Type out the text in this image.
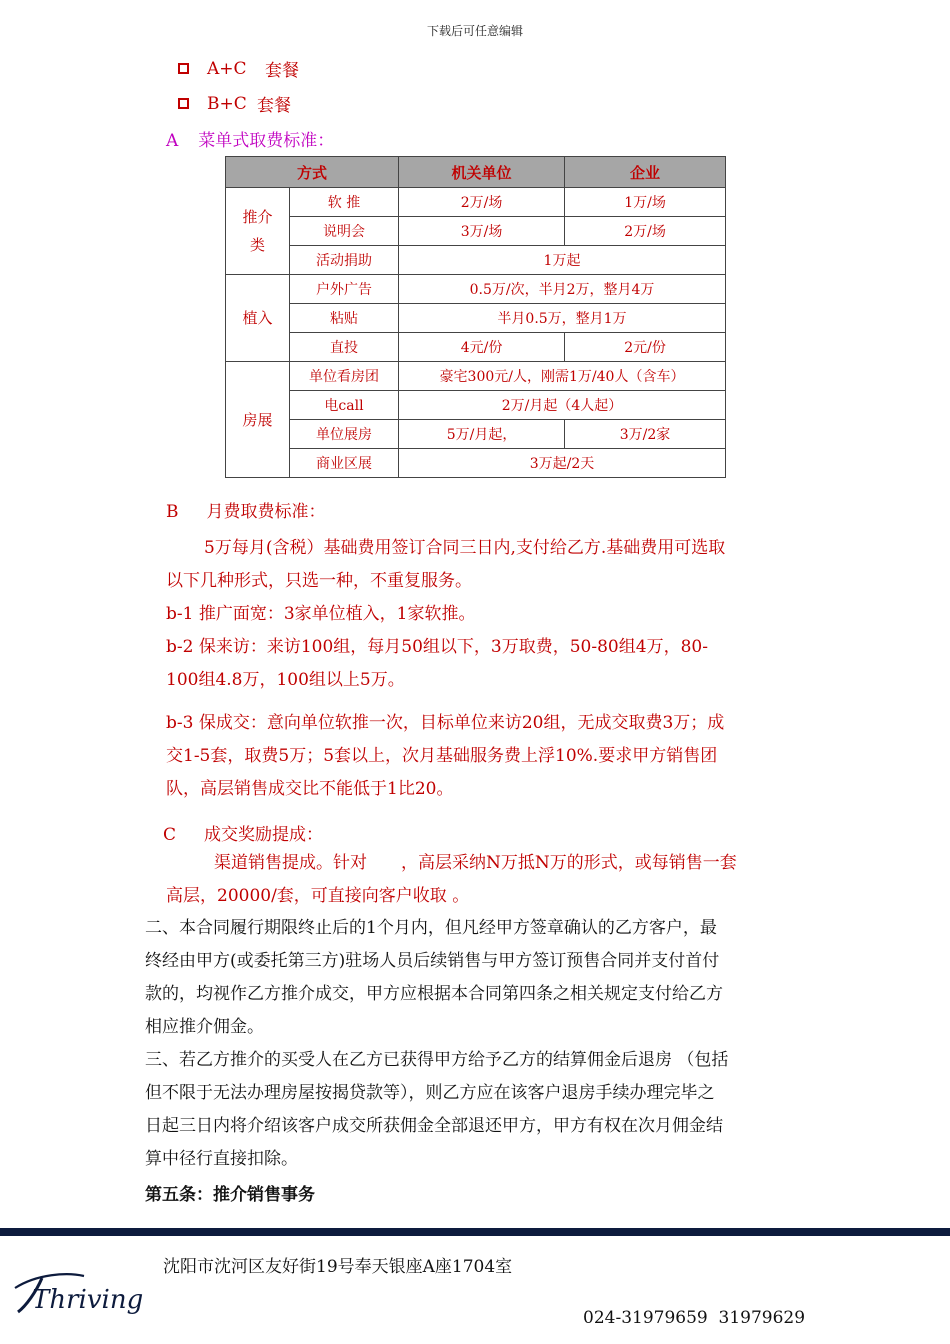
下载后可任意编辑
A+C	套餐
B+C 套餐
A 菜单式取费标准：
方式		机关单位	企业

推介类	软 推	2万/场	1万/场
	说明会	3万/场	2万/场
	活动捐助	1万起	
植入	户外广告	0.5万/次，半月2万，整月4万	
	粘贴	半月0.5万，整月1万	
	直投	4元/份	2元/份
房展	单位看房团	豪宅300元/人，刚需1万/40人（含车）	
	电call	2万/月起（4人起）	
	单位展房	5万/月起，	3万/2家
	商业区展	3万起/2天	
B 月费取费标准：
5万每月(含税）基础费用签订合同三日内,支付给乙方.基础费用可选取
以下几种形式，只选一种，不重复服务。
b-1 推广面宽：3家单位植入，1家软推。
b-2 保来访：来访100组，每月50组以下，3万取费，50-80组4万，80-
100组4.8万，100组以上5万。
b-3 保成交：意向单位软推一次，目标单位来访20组，无成交取费3万；成
交1-5套，取费5万；5套以上，次月基础服务费上浮10%.要求甲方销售团
队，高层销售成交比不能低于1比20。
C 成交奖励提成：
渠道销售提成。针对　　，高层采纳N万抵N万的形式，或每销售一套
高层，20000/套，可直接向客户收取 。
二、本合同履行期限终止后的1个月内，但凡经甲方签章确认的乙方客户，最
终经由甲方(或委托第三方)驻场人员后续销售与甲方签订预售合同并支付首付
款的，均视作乙方推介成交，甲方应根据本合同第四条之相关规定支付给乙方
相应推介佣金。
三、若乙方推介的买受人在乙方已获得甲方给予乙方的结算佣金后退房 （包括
但不限于无法办理房屋按揭贷款等），则乙方应在该客户退房手续办理完毕之
日起三日内将介绍该客户成交所获佣金全部退还甲方，甲方有权在次月佣金结
算中径行直接扣除。
第五条：推介销售事务
Thriving
沈阳市沈河区友好街19号奉天银座A座1704室
024-31979659  31979629
